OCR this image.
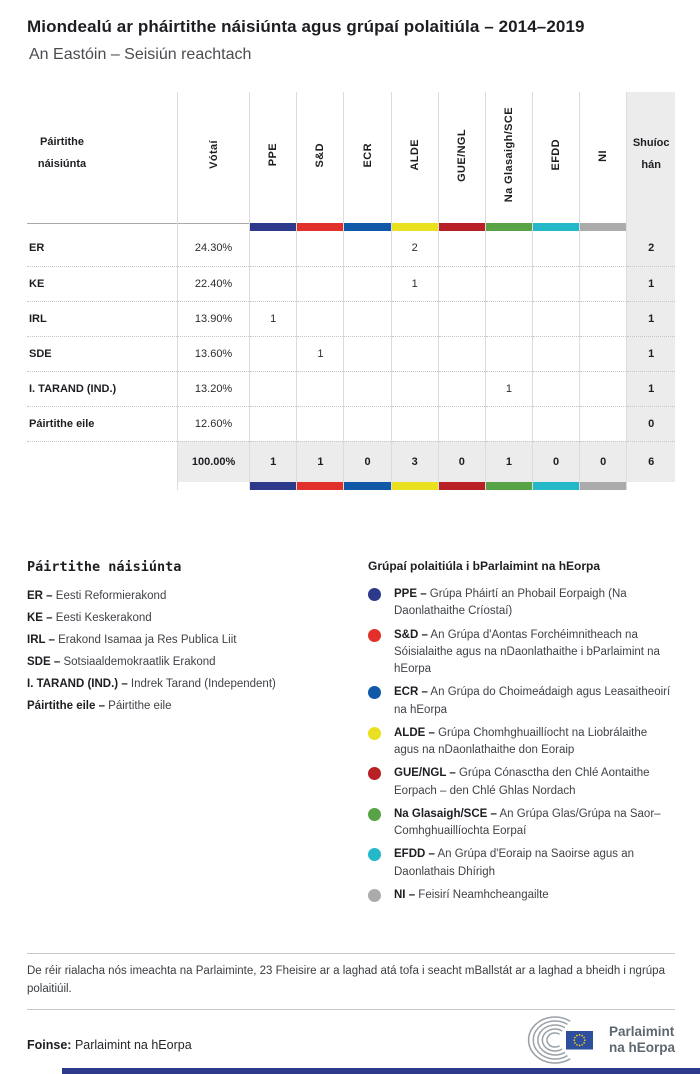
Miondealú ar pháirtithe náisiúnta agus grúpaí polaitiúla – 2014–2019
An Eastóin – Seisiún reachtach
Páirtithe náisiúnta	Vótaí	PPE	S&D	ECR	ALDE	GUE/NGL	Na Glasaigh/SCE	EFDD	NI	Shuíochán

ER	24.30%				2					2
KE	22.40%				1					1
IRL	13.90%	1								1
SDE	13.60%		1							1
I. TARAND (IND.)	13.20%						1			1
Páirtithe eile	12.60%									0
	100.00%	1	1	0	3	0	1	0	0	6

Páirtithe náisiúnta
ER – Eesti Reformierakond
KE – Eesti Keskerakond
IRL – Erakond Isamaa ja Res Publica Liit
SDE – Sotsiaaldemokraatlik Erakond
I. TARAND (IND.) – Indrek Tarand (Independent)
Páirtithe eile – Páirtithe eile
Grúpaí polaitiúla i bParlaimint na hEorpa
PPE – Grúpa Pháirtí an Phobail Eorpaigh (Na Daonlathaithe Críostaí)
S&D – An Grúpa d'Aontas Forchéimnitheach na Sóisialaithe agus na nDaonlathaithe i bParlaimint na hEorpa
ECR – An Grúpa do Choimeádaigh agus Leasaitheoirí na hEorpa
ALDE – Grúpa Chomhghuaillíocht na Liobrálaithe agus na nDaonlathaithe don Eoraip
GUE/NGL – Grúpa Cónasctha den Chlé Aontaithe Eorpach – den Chlé Ghlas Nordach
Na Glasaigh/SCE – An Grúpa Glas/Grúpa na Saor–Comhghuaillíochta Eorpaí
EFDD – An Grúpa d'Eoraip na Saoirse agus an Daonlathais Dhírigh
NI – Feisirí Neamhcheangailte
De réir rialacha nós imeachta na Parlaiminte, 23 Fheisire ar a laghad atá tofa i seacht mBallstát ar a laghad a bheidh i ngrúpa polaitiúil.
Foinse: Parlaimint na hEorpa
Parlaimint
na hEorpa
